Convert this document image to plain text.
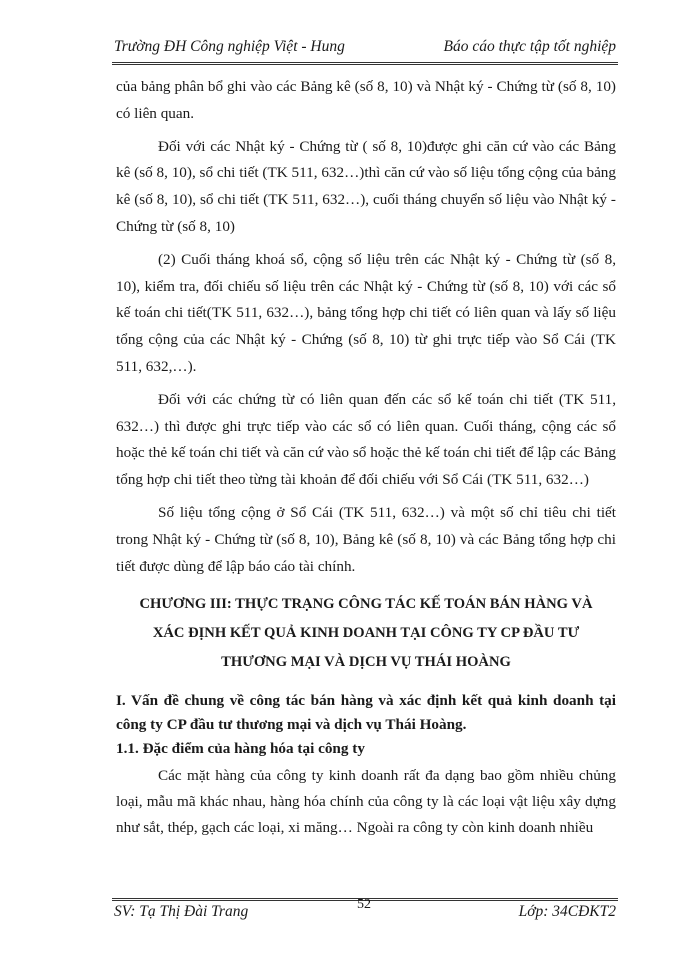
Trường ĐH Công nghiệp Việt - Hung	Báo cáo thực tập tốt nghiệp

của bảng phân bổ ghi vào các Bảng kê (số 8, 10) và Nhật ký - Chứng từ (số 8, 10) có liên quan.

Đối với các Nhật ký - Chứng từ ( số 8, 10)được ghi căn cứ vào các Bảng kê (số 8, 10), sổ chi tiết (TK 511, 632…)thì căn cứ vào số liệu tổng cộng của bảng kê (số 8, 10), sổ chi tiết (TK 511, 632…), cuối tháng chuyển số liệu vào Nhật ký - Chứng từ (số 8, 10)

(2) Cuối tháng khoá sổ, cộng số liệu trên các Nhật ký - Chứng từ (số 8, 10), kiểm tra, đối chiếu số liệu trên các Nhật ký - Chứng từ (số 8, 10) với các sổ kế toán chi tiết(TK 511, 632…), bảng tổng hợp chi tiết có liên quan và lấy số liệu tổng cộng của các Nhật ký - Chứng (số 8, 10) từ ghi trực tiếp vào Sổ Cái (TK 511, 632,…).

Đối với các chứng từ có liên quan đến các sổ kế toán chi tiết (TK 511, 632…) thì được ghi trực tiếp vào các sổ có liên quan. Cuối tháng, cộng các sổ hoặc thẻ kế toán chi tiết và căn cứ vào sổ hoặc thẻ kế toán chi tiết để lập các Bảng tổng hợp chi tiết theo từng tài khoản để đối chiếu với Sổ Cái (TK 511, 632…)

Số liệu tổng cộng ở Sổ Cái (TK 511, 632…) và một số chỉ tiêu chi tiết trong Nhật ký - Chứng từ (số 8, 10), Bảng kê (số 8, 10) và các Bảng tổng hợp chi tiết được dùng để lập báo cáo tài chính.

CHƯƠNG III: THỰC TRẠNG CÔNG TÁC KẾ TOÁN BÁN HÀNG VÀ XÁC ĐỊNH KẾT QUẢ KINH DOANH TẠI CÔNG TY CP ĐẦU TƯ THƯƠNG MẠI VÀ DỊCH VỤ THÁI HOÀNG
I. Vấn đề chung về công tác bán hàng và xác định kết quả kinh doanh tại công ty CP đầu tư thương mại và dịch vụ Thái Hoàng.
1.1. Đặc điểm của hàng hóa tại công ty

Các mặt hàng của công ty kinh doanh rất đa dạng bao gồm nhiều chủng loại, mẫu mã khác nhau, hàng hóa chính của công ty là các loại vật liệu xây dựng như sắt, thép, gạch các loại, xi măng… Ngoài ra công ty còn kinh doanh nhiều

SV: Tạ Thị Đài Trang	52	Lớp: 34CĐKT2
